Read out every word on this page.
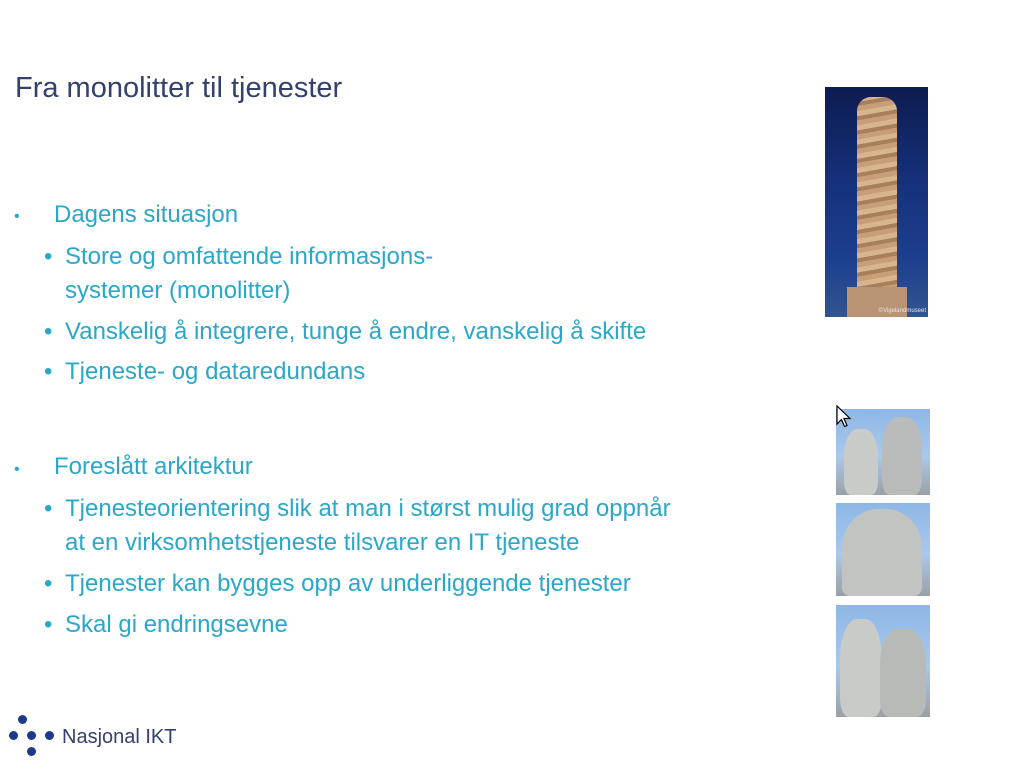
Fra monolitter til tjenester
• Dagens situasjon
• Store og omfattende informasjons-
systemer (monolitter)
• Vanskelig å integrere, tunge å endre, vanskelig å skifte
• Tjeneste- og dataredundans
• Foreslått arkitektur
• Tjenesteorientering slik at man i størst mulig grad oppnår
at en virksomhetstjeneste tilsvarer en IT tjeneste
• Tjenester kan bygges opp av underliggende tjenester
• Skal gi endringsevne
©Vigelandmuseet
Nasjonal IKT
